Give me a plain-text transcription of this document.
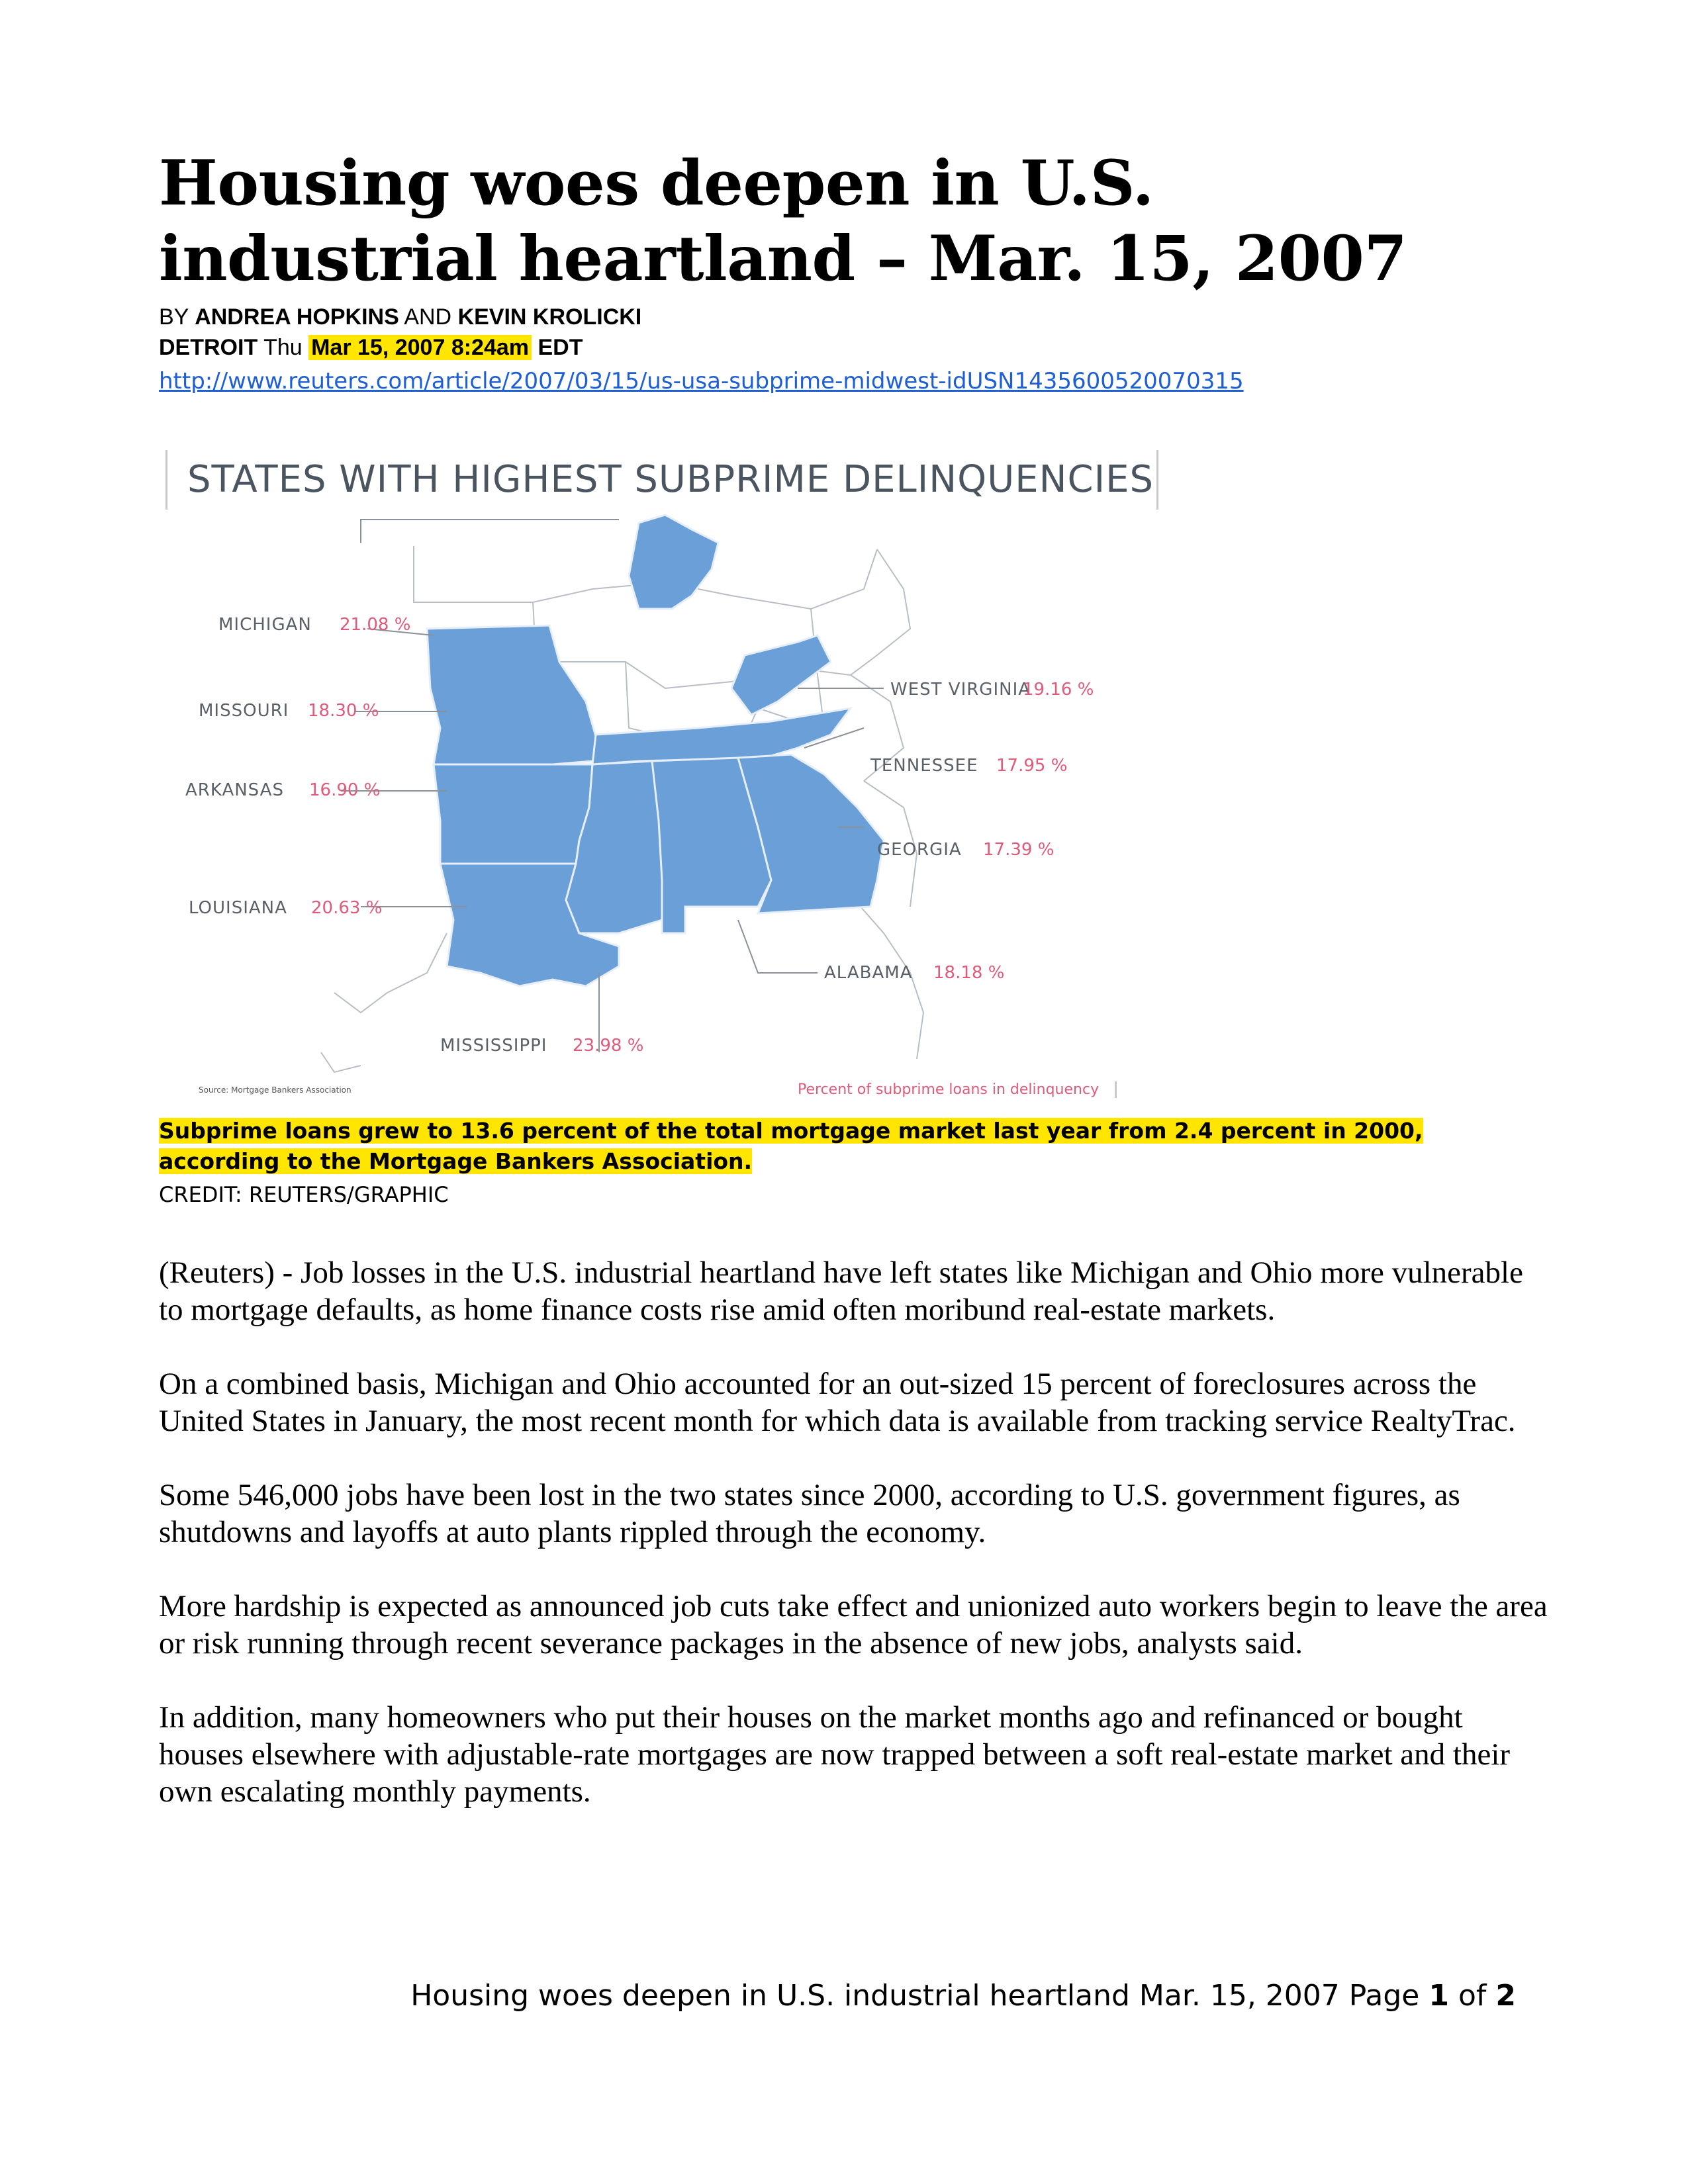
Housing woes deepen in U.S.
industrial heartland – Mar. 15, 2007
BY ANDREA HOPKINS AND KEVIN KROLICKI
DETROIT Thu Mar 15, 2007 8:24am EDT
http://www.reuters.com/article/2007/03/15/us-usa-subprime-midwest-idUSN1435600520070315
STATES WITH HIGHEST SUBPRIME DELINQUENCIES
MICHIGAN 21.08 %
MISSOURI 18.30 %
ARKANSAS 16.90 %
LOUISIANA 20.63 %
MISSISSIPPI 23.98 %
WEST VIRGINIA
19.16 %
TENNESSEE 17.95 %
GEORGIA 17.39 %
ALABAMA 18.18 %
Source: Mortgage Bankers Association	Percent of subprime loans in delinquency
Subprime loans grew to 13.6 percent of the total mortgage market last year from 2.4 percent in 2000, according to the Mortgage Bankers Association.
CREDIT: REUTERS/GRAPHIC

(Reuters) - Job losses in the U.S. industrial heartland have left states like Michigan and Ohio more vulnerable to mortgage defaults, as home finance costs rise amid often moribund real-estate markets.

On a combined basis, Michigan and Ohio accounted for an out-sized 15 percent of foreclosures across the United States in January, the most recent month for which data is available from tracking service RealtyTrac.

Some 546,000 jobs have been lost in the two states since 2000, according to U.S. government figures, as shutdowns and layoffs at auto plants rippled through the economy.

More hardship is expected as announced job cuts take effect and unionized auto workers begin to leave the area or risk running through recent severance packages in the absence of new jobs, analysts said.

In addition, many homeowners who put their houses on the market months ago and refinanced or bought houses elsewhere with adjustable-rate mortgages are now trapped between a soft real-estate market and their own escalating monthly payments.

Housing woes deepen in U.S. industrial heartland Mar. 15, 2007 Page 1 of 2
